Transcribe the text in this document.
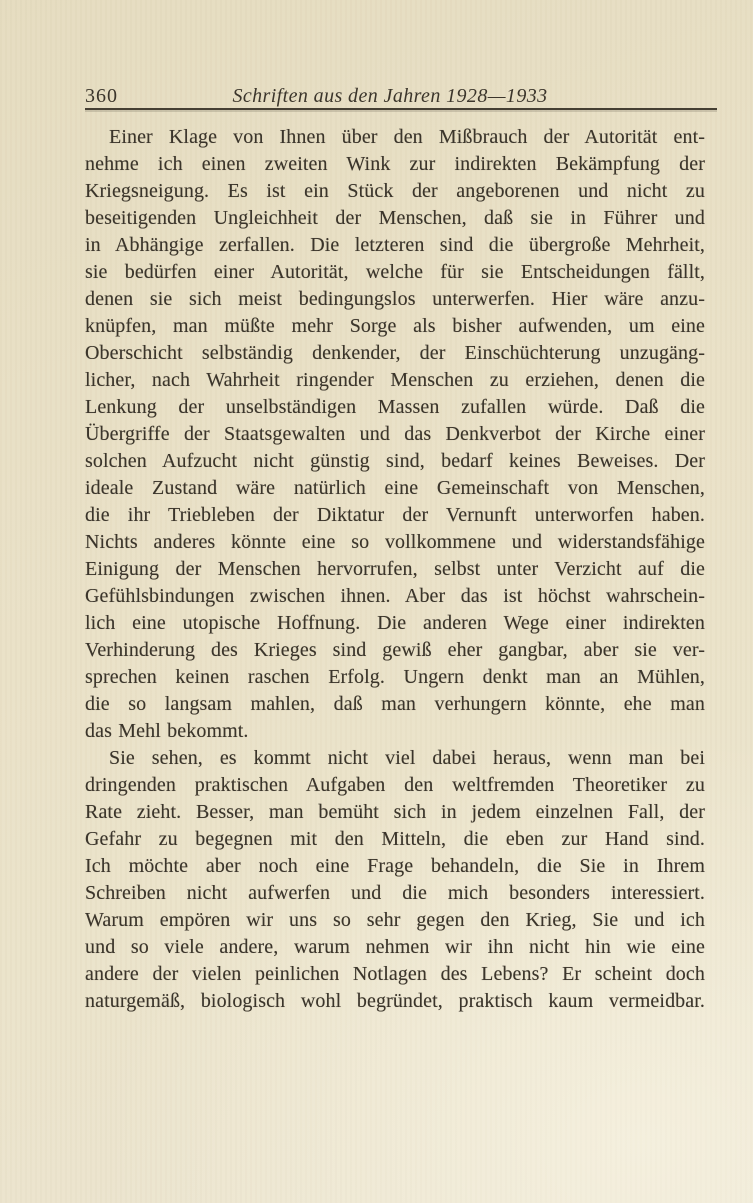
360	Schriften aus den Jahren 1928—1933
Einer Klage von Ihnen über den Mißbrauch der Autorität ent-
nehme ich einen zweiten Wink zur indirekten Bekämpfung der
Kriegsneigung. Es ist ein Stück der angeborenen und nicht zu
beseitigenden Ungleichheit der Menschen, daß sie in Führer und
in Abhängige zerfallen. Die letzteren sind die übergroße Mehrheit,
sie bedürfen einer Autorität, welche für sie Entscheidungen fällt,
denen sie sich meist bedingungslos unterwerfen. Hier wäre anzu-
knüpfen, man müßte mehr Sorge als bisher aufwenden, um eine
Oberschicht selbständig denkender, der Einschüchterung unzugäng-
licher, nach Wahrheit ringender Menschen zu erziehen, denen die
Lenkung der unselbständigen Massen zufallen würde. Daß die
Übergriffe der Staatsgewalten und das Denkverbot der Kirche einer
solchen Aufzucht nicht günstig sind, bedarf keines Beweises. Der
ideale Zustand wäre natürlich eine Gemeinschaft von Menschen,
die ihr Triebleben der Diktatur der Vernunft unterworfen haben.
Nichts anderes könnte eine so vollkommene und widerstandsfähige
Einigung der Menschen hervorrufen, selbst unter Verzicht auf die
Gefühlsbindungen zwischen ihnen. Aber das ist höchst wahrschein-
lich eine utopische Hoffnung. Die anderen Wege einer indirekten
Verhinderung des Krieges sind gewiß eher gangbar, aber sie ver-
sprechen keinen raschen Erfolg. Ungern denkt man an Mühlen,
die so langsam mahlen, daß man verhungern könnte, ehe man
das Mehl bekommt.
Sie sehen, es kommt nicht viel dabei heraus, wenn man bei
dringenden praktischen Aufgaben den weltfremden Theoretiker zu
Rate zieht. Besser, man bemüht sich in jedem einzelnen Fall, der
Gefahr zu begegnen mit den Mitteln, die eben zur Hand sind.
Ich möchte aber noch eine Frage behandeln, die Sie in Ihrem
Schreiben nicht aufwerfen und die mich besonders interessiert.
Warum empören wir uns so sehr gegen den Krieg, Sie und ich
und so viele andere, warum nehmen wir ihn nicht hin wie eine
andere der vielen peinlichen Notlagen des Lebens? Er scheint doch
naturgemäß, biologisch wohl begründet, praktisch kaum vermeidbar.
